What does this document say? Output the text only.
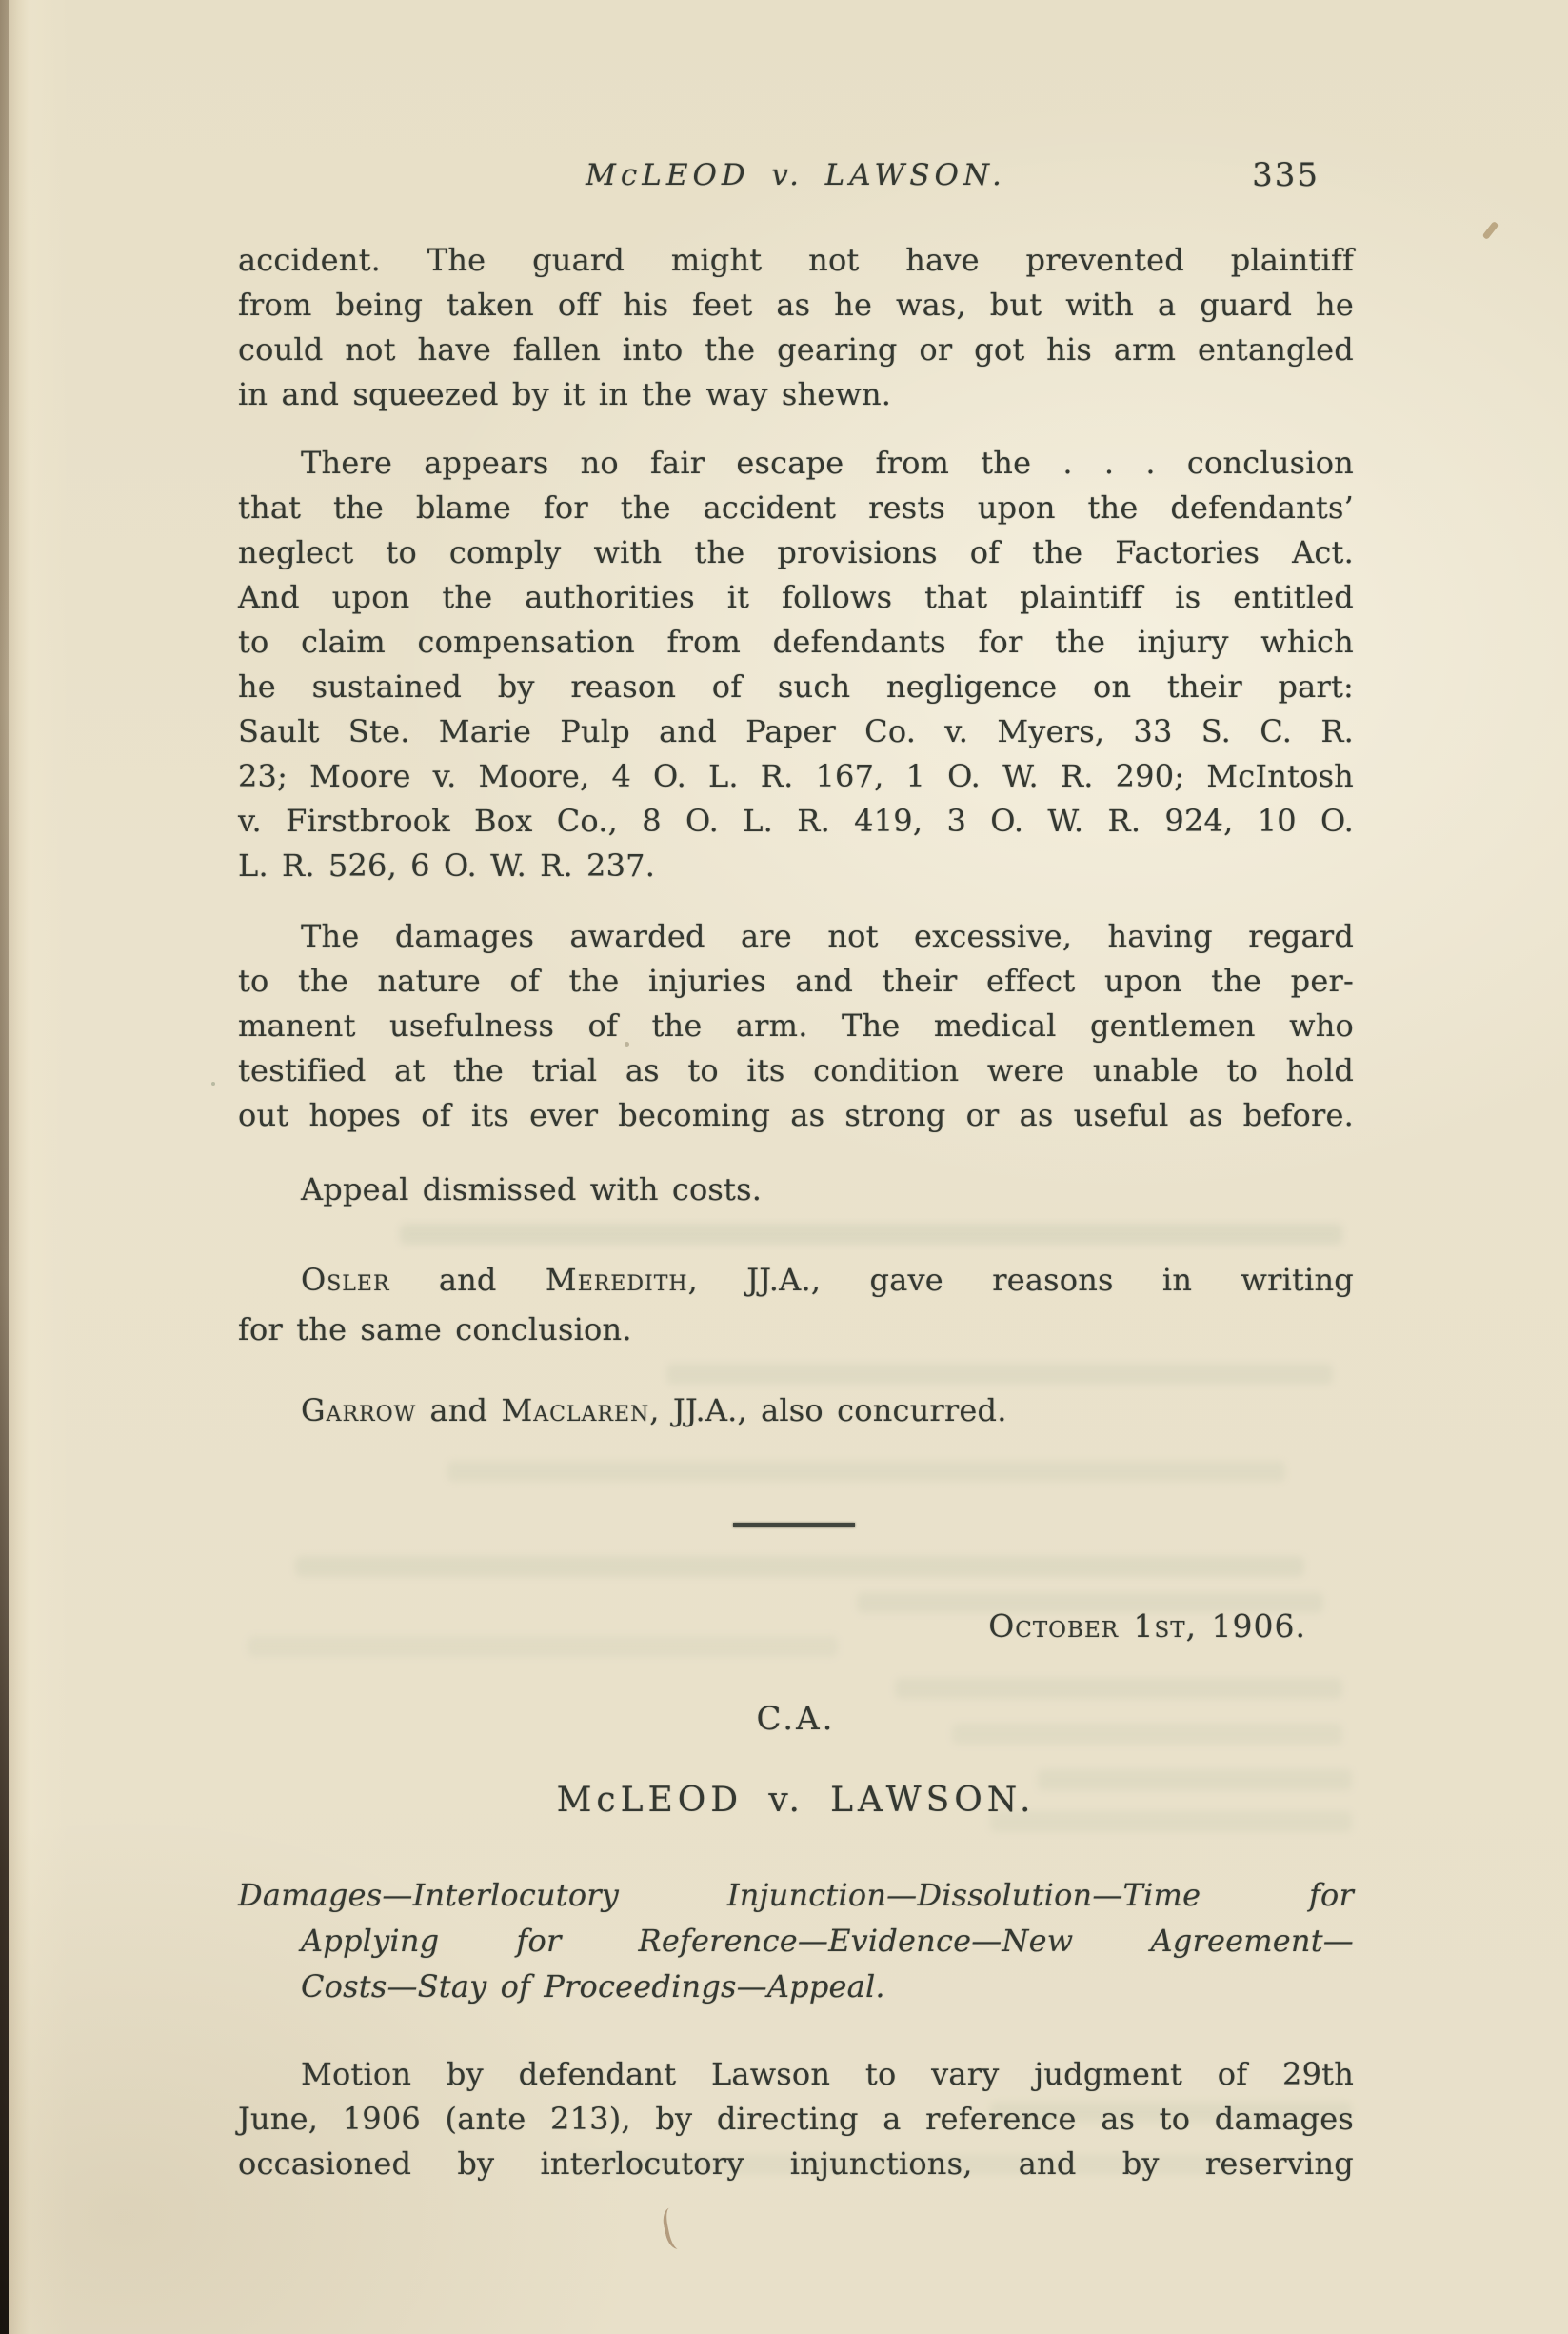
McLEOD v. LAWSON.	335
accident. The guard might not have prevented plaintiff
from being taken off his feet as he was, but with a guard he
could not have fallen into the gearing or got his arm entangled
in and squeezed by it in the way shewn.
There appears no fair escape from the . . . conclusion
that the blame for the accident rests upon the defendants’
neglect to comply with the provisions of the Factories Act.
And upon the authorities it follows that plaintiff is entitled
to claim compensation from defendants for the injury which
he sustained by reason of such negligence on their part:
Sault Ste. Marie Pulp and Paper Co. v. Myers, 33 S. C. R.
23; Moore v. Moore, 4 O. L. R. 167, 1 O. W. R. 290; McIntosh
v. Firstbrook Box Co., 8 O. L. R. 419, 3 O. W. R. 924, 10 O.
L. R. 526, 6 O. W. R. 237.
The damages awarded are not excessive, having regard
to the nature of the injuries and their effect upon the per-
manent usefulness of the arm. The medical gentlemen who
testified at the trial as to its condition were unable to hold
out hopes of its ever becoming as strong or as useful as before.
Appeal dismissed with costs.
Osler and Meredith, JJ.A., gave reasons in writing
for the same conclusion.
Garrow and Maclaren, JJ.A., also concurred.
October 1st, 1906.
C.A.
McLEOD v. LAWSON.
Damages—Interlocutory Injunction—Dissolution—Time for
Applying for Reference—Evidence—New Agreement—
Costs—Stay of Proceedings—Appeal.
Motion by defendant Lawson to vary judgment of 29th
June, 1906 (ante 213), by directing a reference as to damages
occasioned by interlocutory injunctions, and by reserving
